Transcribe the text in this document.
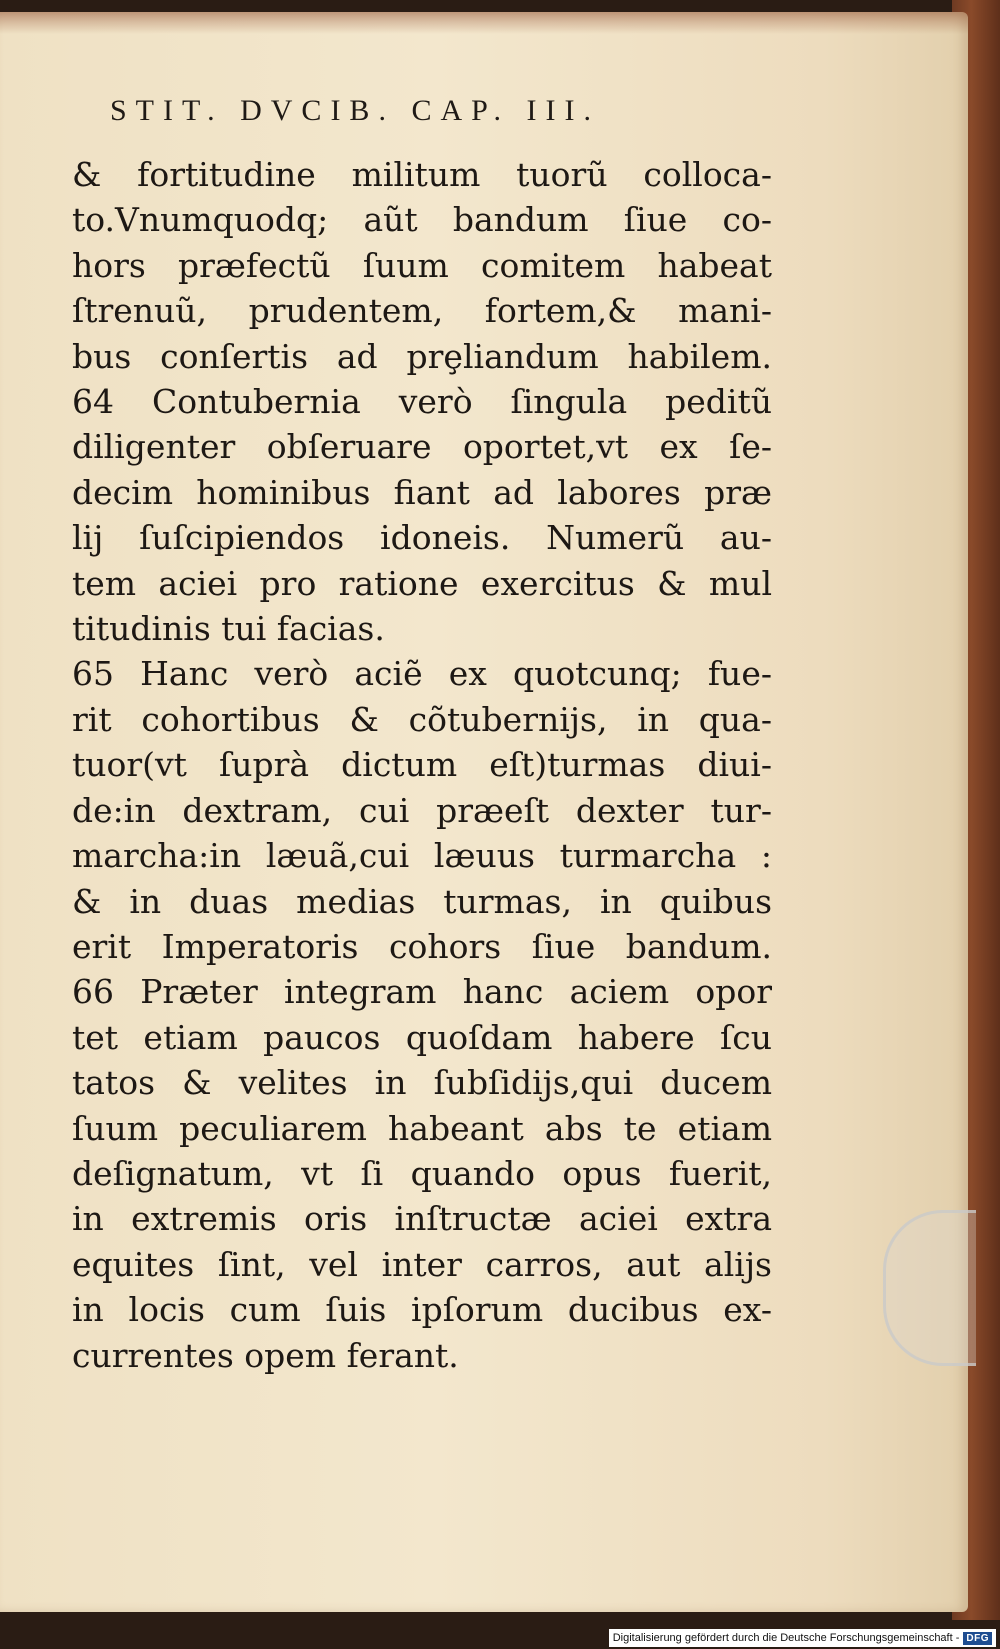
STIT. DVCIB. CAP. III.
& fortitudine militum tuorũ colloca-
to.Vnumquodq; aũt bandum ſiue co-
hors præfectũ ſuum comitem habeat
ſtrenuũ, prudentem, fortem,& mani-
bus conſertis ad prȩliandum habilem.
64 Contubernia verò ſingula peditũ
diligenter obſeruare oportet,vt ex ſe-
decim hominibus fiant ad labores præ
lij ſuſcipiendos idoneis. Numerũ au-
tem aciei pro ratione exercitus & mul
titudinis tui facias.
65 Hanc verò aciẽ ex quotcunq; fue-
rit cohortibus & cõtubernijs, in qua-
tuor(vt ſuprà dictum eſt)turmas diui-
de:in dextram, cui præeſt dexter tur-
marcha:in læuã,cui læuus turmarcha :
& in duas medias turmas, in quibus
erit Imperatoris cohors ſiue bandum.
66 Præter integram hanc aciem opor
tet etiam paucos quoſdam habere ſcu
tatos & velites in ſubſidijs,qui ducem
ſuum peculiarem habeant abs te etiam
deſignatum, vt ſi quando opus fuerit,
in extremis oris inſtructæ aciei extra
equites ſint, vel inter carros, aut alijs
in locis cum ſuis ipſorum ducibus ex-
currentes opem ferant.
Digitalisierung gefördert durch die Deutsche Forschungsgemeinschaft - DFG
